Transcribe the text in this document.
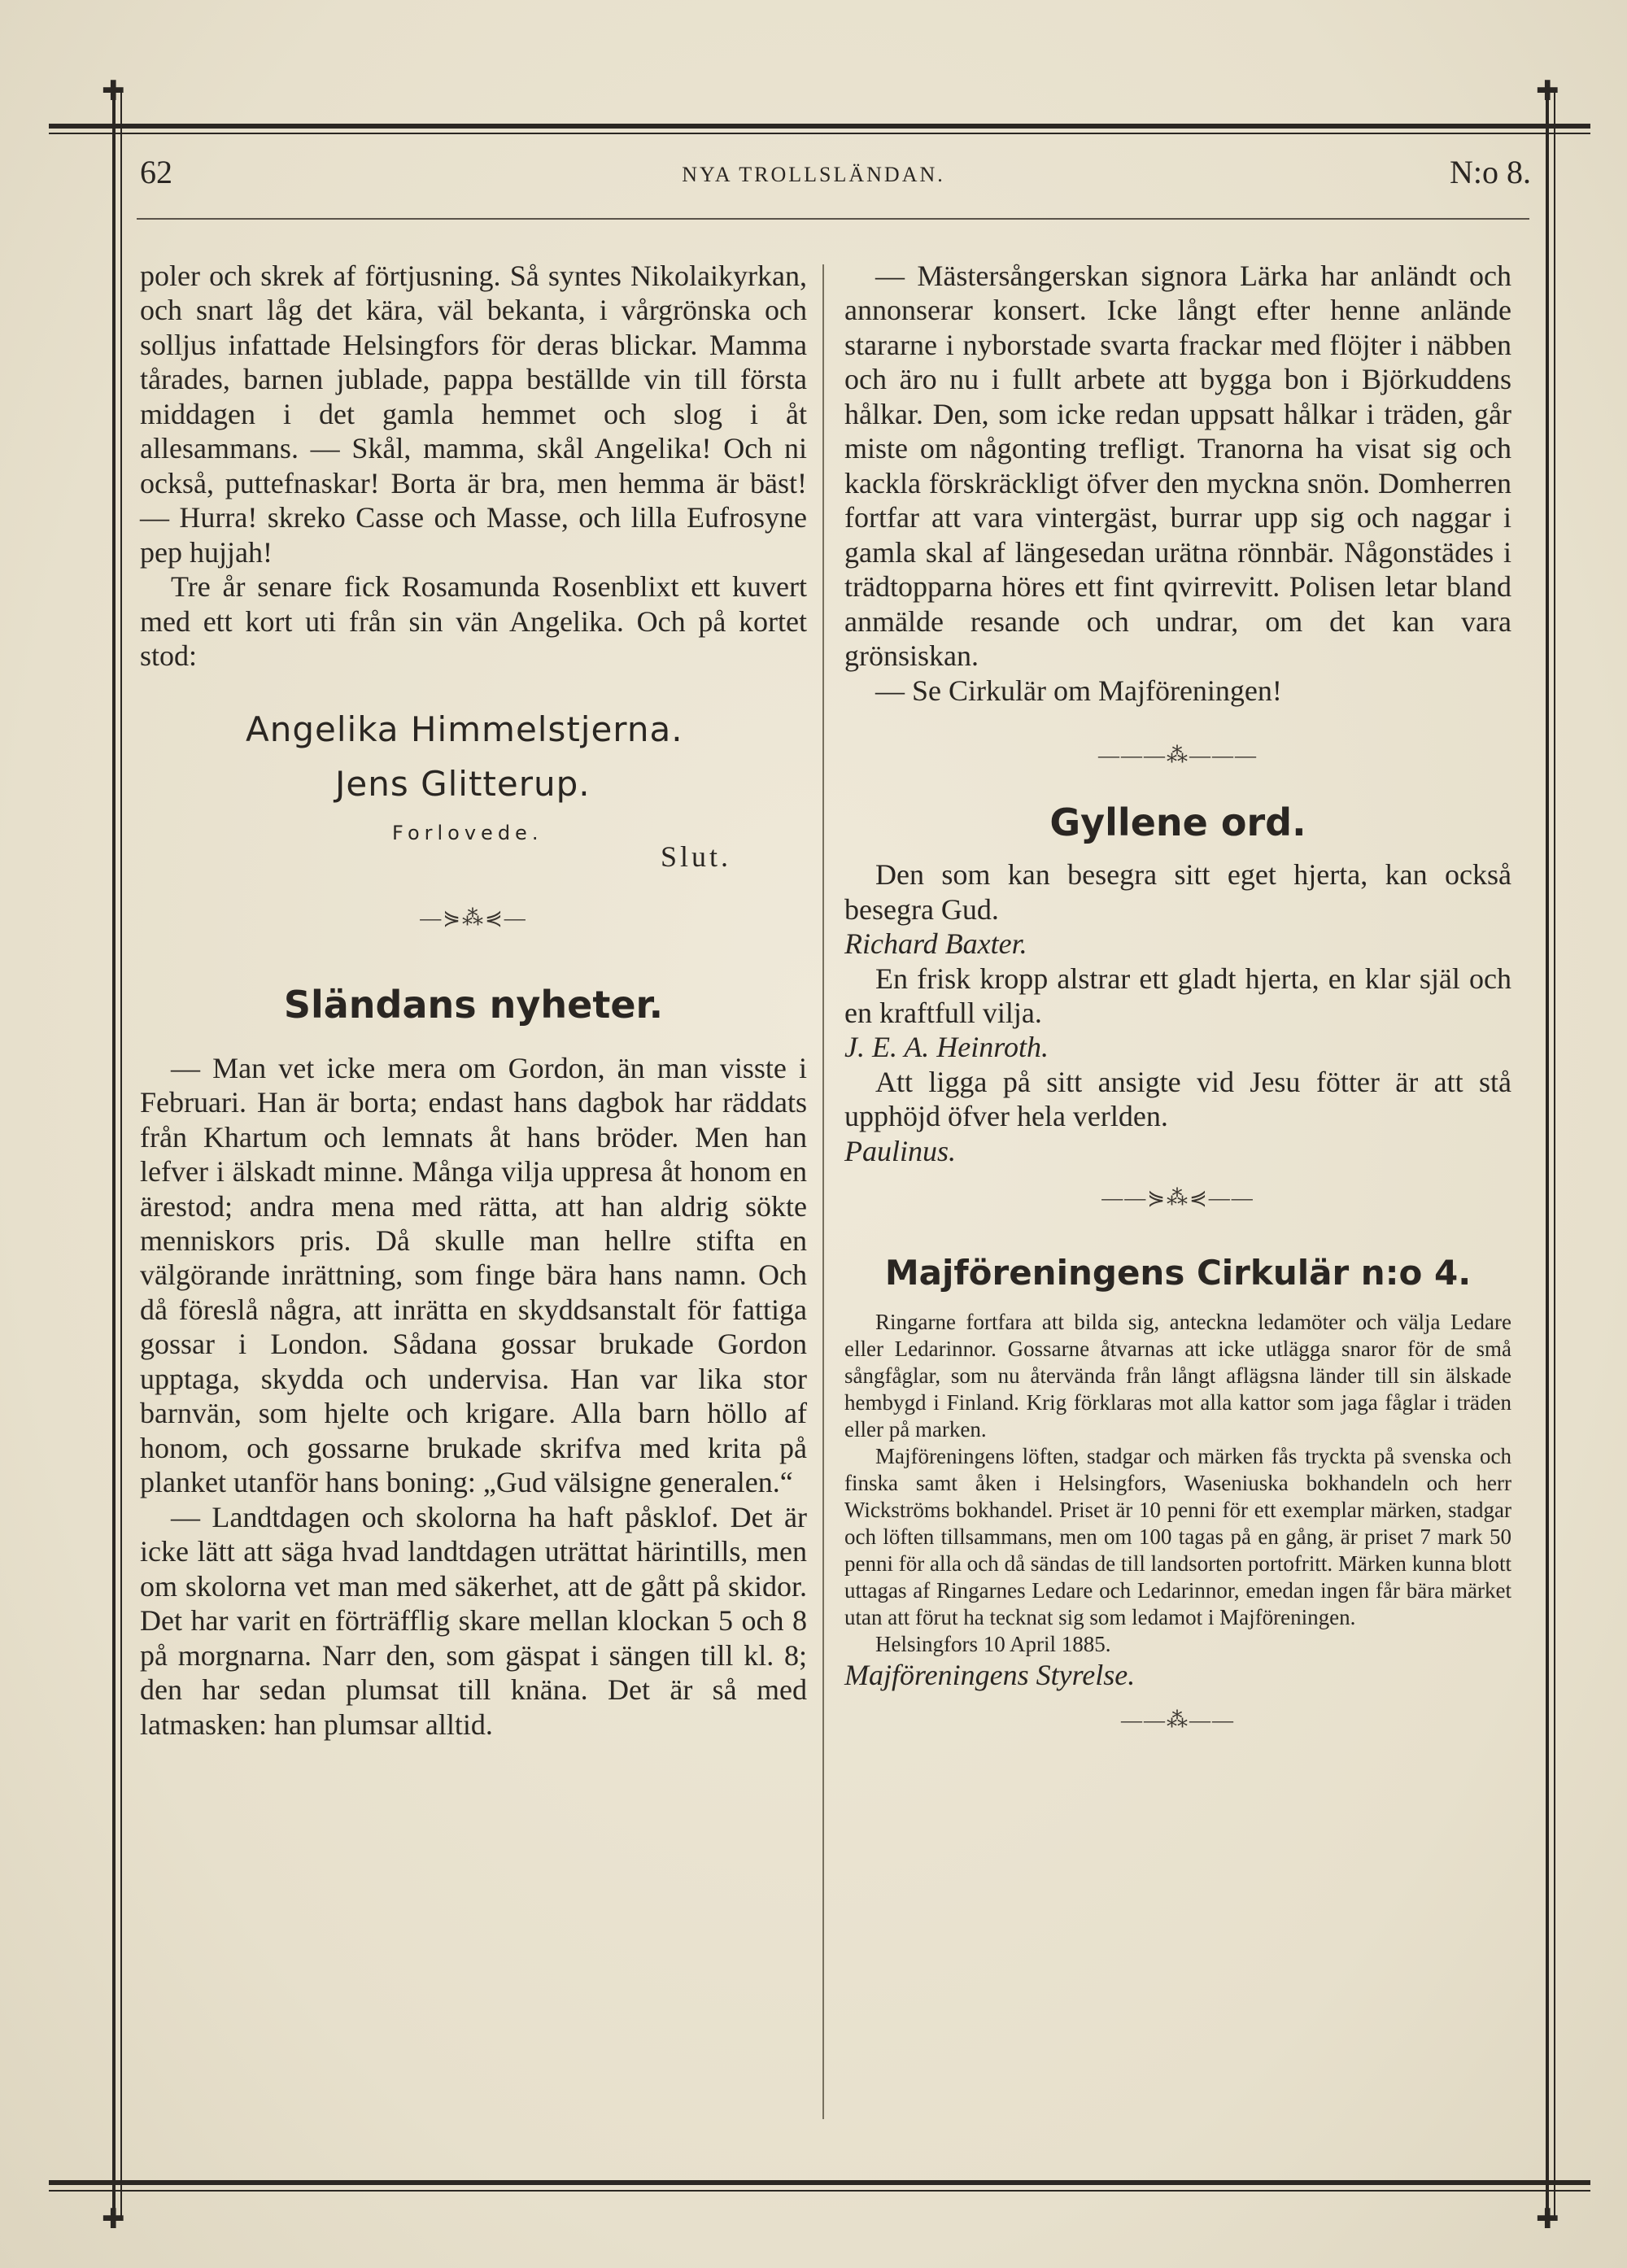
✚	✚
✚	✚
62	NYA TROLLSLÄNDAN.	N:o 8.

poler och skrek af förtjusning. Så syntes Nikolaikyrkan, och snart låg det kära, väl bekanta, i vårgrönska och solljus infattade Helsingfors för deras blickar. Mamma tårades, barnen jublade, pappa beställde vin till första middagen i det gamla hemmet och slog i åt allesammans. — Skål, mamma, skål Angelika! Och ni också, puttefnaskar! Borta är bra, men hemma är bäst! — Hurra! skreko Casse och Masse, och lilla Eufrosyne pep hujjah!

Tre år senare fick Rosamunda Rosenblixt ett kuvert med ett kort uti från sin vän Angelika. Och på kortet stod:

Angelika Himmelstjerna.
Jens Glitterup.
Forlovede.
Slut.
—⋟⁂⋞—
Sländans nyheter.

— Man vet icke mera om Gordon, än man visste i Februari. Han är borta; endast hans dagbok har räddats från Khartum och lemnats åt hans bröder. Men han lefver i älskadt minne. Många vilja uppresa åt honom en ärestod; andra mena med rätta, att han aldrig sökte menniskors pris. Då skulle man hellre stifta en välgörande inrättning, som finge bära hans namn. Och då föreslå några, att inrätta en skyddsanstalt för fattiga gossar i London. Sådana gossar brukade Gordon upptaga, skydda och undervisa. Han var lika stor barnvän, som hjelte och krigare. Alla barn höllo af honom, och gossarne brukade skrifva med krita på planket utanför hans boning: „Gud välsigne generalen.“

— Landtdagen och skolorna ha haft påsklof. Det är icke lätt att säga hvad landtdagen uträttat härintills, men om skolorna vet man med säkerhet, att de gått på skidor. Det har varit en förträfflig skare mellan klockan 5 och 8 på morgnarna. Narr den, som gäspat i sängen till kl. 8; den har sedan plumsat till knäna. Det är så med latmasken: han plumsar alltid.

— Mästersångerskan signora Lärka har anländt och annonserar konsert. Icke långt efter henne anlände stararne i nyborstade svarta frackar med flöjter i näbben och äro nu i fullt arbete att bygga bon i Björkuddens hålkar. Den, som icke redan uppsatt hålkar i träden, går miste om någonting trefligt. Tranorna ha visat sig och kackla förskräckligt öfver den myckna snön. Domherren fortfar att vara vintergäst, burrar upp sig och naggar i gamla skal af längesedan urätna rönnbär. Någonstädes i trädtopparna höres ett fint qvirrevitt. Polisen letar bland anmälde resande och undrar, om det kan vara grönsiskan.

— Se Cirkulär om Majföreningen!

———⁂———
Gyllene ord.

Den som kan besegra sitt eget hjerta, kan också besegra Gud.

Richard Baxter.

En frisk kropp alstrar ett gladt hjerta, en klar själ och en kraftfull vilja.

J. E. A. Heinroth.

Att ligga på sitt ansigte vid Jesu fötter är att stå upphöjd öfver hela verlden.

Paulinus.

——⋟⁂⋞——
Majföreningens Cirkulär n:o 4.

Ringarne fortfara att bilda sig, anteckna ledamöter och välja Ledare eller Ledarinnor. Gossarne åtvarnas att icke utlägga snaror för de små sångfåglar, som nu återvända från långt aflägsna länder till sin älskade hembygd i Finland. Krig förklaras mot alla kattor som jaga fåglar i träden eller på marken.

Majföreningens löften, stadgar och märken fås tryckta på svenska och finska samt åken i Helsingfors, Waseniuska bokhandeln och herr Wickströms bokhandel. Priset är 10 penni för ett exemplar märken, stadgar och löften tillsammans, men om 100 tagas på en gång, är priset 7 mark 50 penni för alla och då sändas de till landsorten portofritt. Märken kunna blott uttagas af Ringarnes Ledare och Ledarinnor, emedan ingen får bära märket utan att förut ha tecknat sig som ledamot i Majföreningen.

Helsingfors 10 April 1885.

Majföreningens Styrelse.

——⁂——
